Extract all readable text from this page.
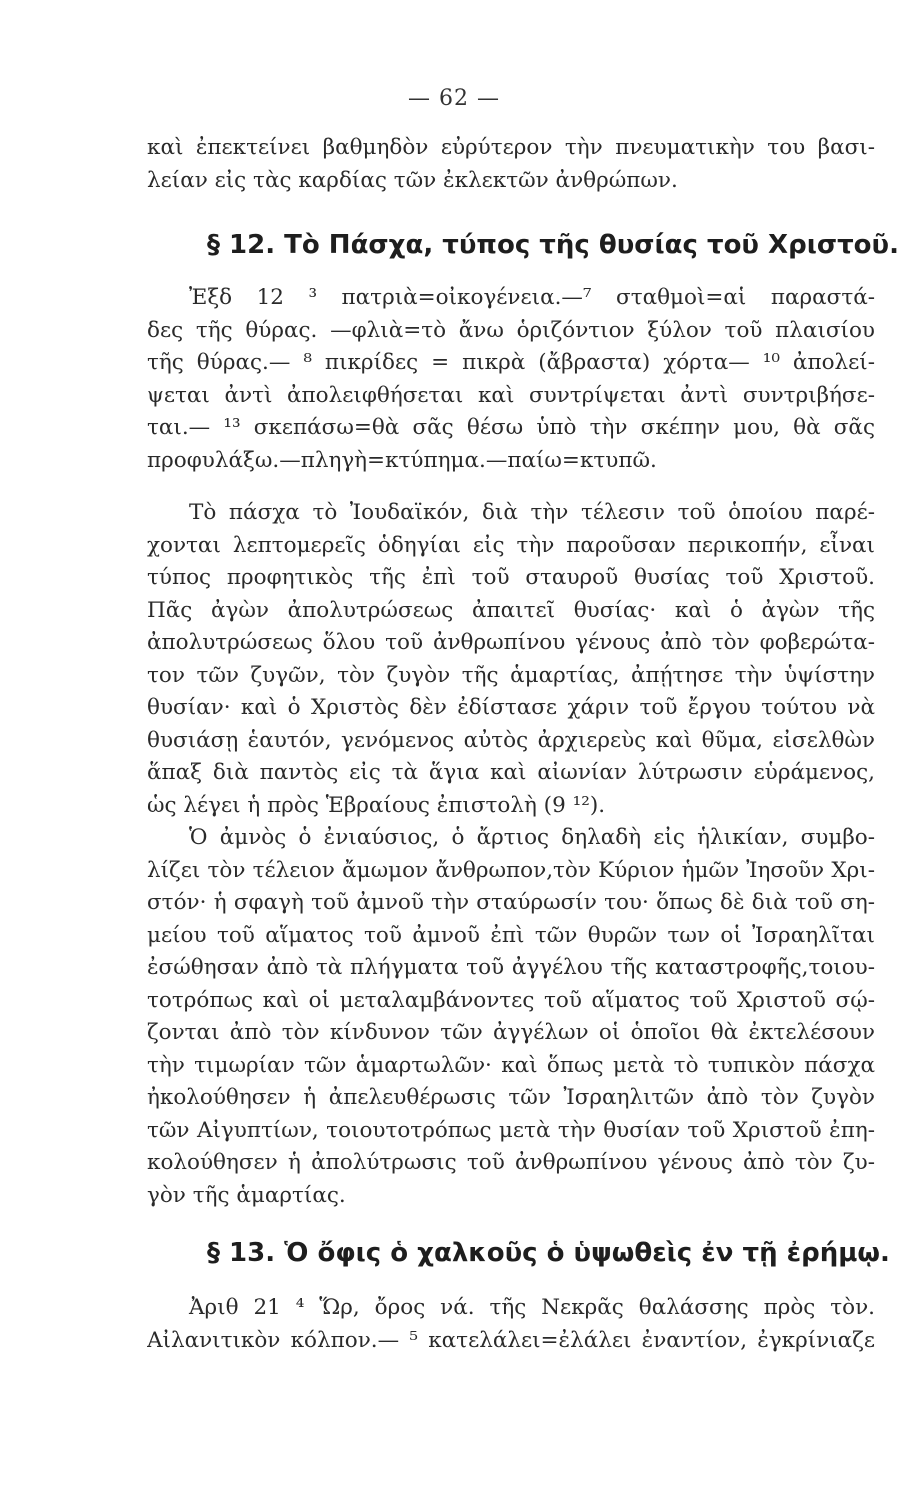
— 62 —
καὶ ἐπεκτείνει βαθμηδὸν εὐρύτερον τὴν πνευματικὴν του βασι-
λείαν εἰς τὰς καρδίας τῶν ἐκλεκτῶν ἀνθρώπων.
§ 12. Τὸ Πάσχα, τύπος τῆς θυσίας τοῦ Χριστοῦ.
Ἐξδ 12 ³ πατριὰ=οἰκογένεια.—⁷ σταθμοὶ=αἱ παραστά-
δες τῆς θύρας. —φλιὰ=τὸ ἄνω ὁριζόντιον ξύλον τοῦ πλαισίου
τῆς θύρας.— ⁸ πικρίδες = πικρὰ (ἄβραστα) χόρτα— ¹⁰ ἀπολεί-
ψεται ἀντὶ ἀπολειφθήσεται καὶ συντρίψεται ἀντὶ συντριβήσε-
ται.— ¹³ σκεπάσω=θὰ σᾶς θέσω ὑπὸ τὴν σκέπην μου, θὰ σᾶς
προφυλάξω.—πληγὴ=κτύπημα.—παίω=κτυπῶ.
Τὸ πάσχα τὸ Ἰουδαϊκόν, διὰ τὴν τέλεσιν τοῦ ὁποίου παρέ-
χονται λεπτομερεῖς ὁδηγίαι εἰς τὴν παροῦσαν περικοπήν, εἶναι
τύπος προφητικὸς τῆς ἐπὶ τοῦ σταυροῦ θυσίας τοῦ Χριστοῦ.
Πᾶς ἀγὼν ἀπολυτρώσεως ἀπαιτεῖ θυσίας· καὶ ὁ ἀγὼν τῆς
ἀπολυτρώσεως ὅλου τοῦ ἀνθρωπίνου γένους ἀπὸ τὸν φοβερώτα-
τον τῶν ζυγῶν, τὸν ζυγὸν τῆς ἁμαρτίας, ἀπῄτησε τὴν ὑψίστην
θυσίαν· καὶ ὁ Χριστὸς δὲν ἐδίστασε χάριν τοῦ ἔργου τούτου νὰ
θυσιάσῃ ἑαυτόν, γενόμενος αὐτὸς ἀρχιερεὺς καὶ θῦμα, εἰσελθὼν
ἅπαξ διὰ παντὸς εἰς τὰ ἅγια καὶ αἰωνίαν λύτρωσιν εὑράμενος,
ὡς λέγει ἡ πρὸς Ἑβραίους ἐπιστολὴ (9 ¹²).
Ὁ ἀμνὸς ὁ ἐνιαύσιος, ὁ ἄρτιος δηλαδὴ εἰς ἡλικίαν, συμβο-
λίζει τὸν τέλειον ἄμωμον ἄνθρωπον,τὸν Κύριον ἡμῶν Ἰησοῦν Χρι-
στόν· ἡ σφαγὴ τοῦ ἀμνοῦ τὴν σταύρωσίν του· ὅπως δὲ διὰ τοῦ ση-
μείου τοῦ αἵματος τοῦ ἀμνοῦ ἐπὶ τῶν θυρῶν των οἱ Ἰσραηλῖται
ἐσώθησαν ἀπὸ τὰ πλήγματα τοῦ ἀγγέλου τῆς καταστροφῆς,τοιου-
τοτρόπως καὶ οἱ μεταλαμβάνοντες τοῦ αἵματος τοῦ Χριστοῦ σῴ-
ζονται ἀπὸ τὸν κίνδυνον τῶν ἀγγέλων οἱ ὁποῖοι θὰ ἐκτελέσουν
τὴν τιμωρίαν τῶν ἁμαρτωλῶν· καὶ ὅπως μετὰ τὸ τυπικὸν πάσχα
ἠκολούθησεν ἡ ἀπελευθέρωσις τῶν Ἰσραηλιτῶν ἀπὸ τὸν ζυγὸν
τῶν Αἰγυπτίων, τοιουτοτρόπως μετὰ τὴν θυσίαν τοῦ Χριστοῦ ἐπη-
κολούθησεν ἡ ἀπολύτρωσις τοῦ ἀνθρωπίνου γένους ἀπὸ τὸν ζυ-
γὸν τῆς ἁμαρτίας.
§ 13. Ὁ ὄφις ὁ χαλκοῦς ὁ ὑψωθεὶς ἐν τῇ ἐρήμῳ.
Ἀριθ 21 ⁴ Ὥρ, ὄρος νά. τῆς Νεκρᾶς θαλάσσης πρὸς τὸν.
Αἰλανιτικὸν κόλπον.— ⁵ κατελάλει=ἐλάλει ἐναντίον, ἐγκρίνιαζε
